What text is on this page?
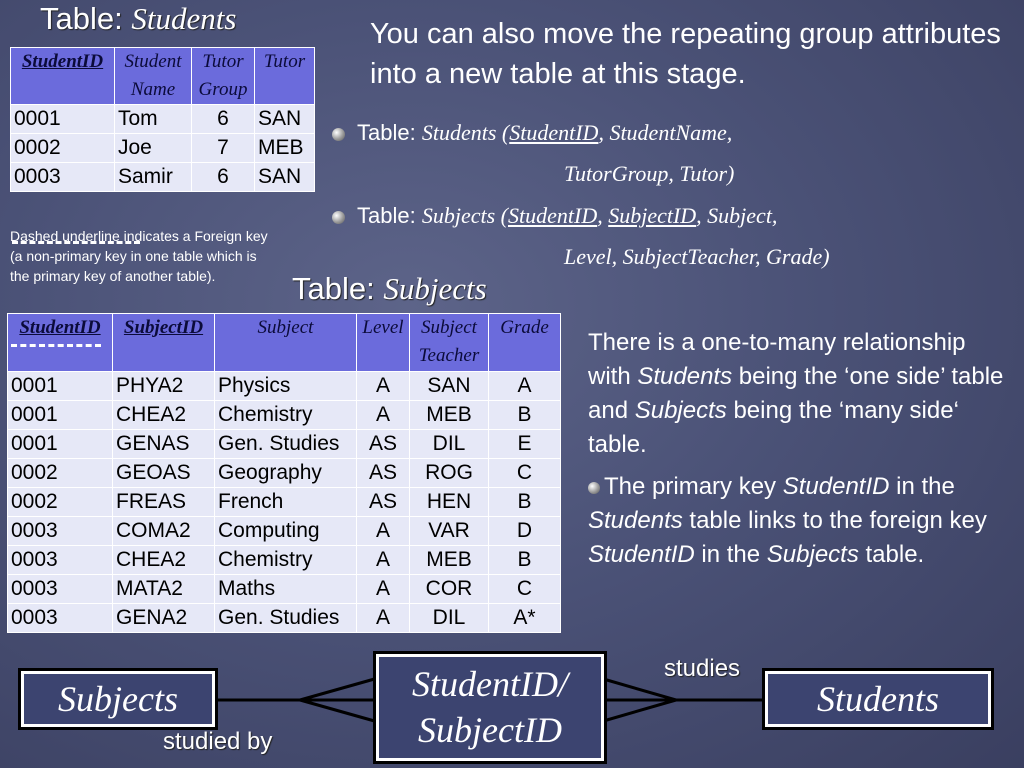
Table: Students
StudentID	Student Name	Tutor Group	Tutor
0001	Tom	6	SAN
0002	Joe	7	MEB
0003	Samir	6	SAN
You can also move the repeating group attributes into a new table at this stage.
Table: Students (StudentID, StudentName,
TutorGroup, Tutor)
Table: Subjects (StudentID, SubjectID, Subject,
Level, SubjectTeacher, Grade)
Dashed underline indicates a Foreign key (a non-primary key in one table which is the primary key of another table).	Table: Subjects
StudentID	SubjectID	Subject	Level	Subject Teacher	Grade
0001	PHYA2	Physics	A	SAN	A
0001	CHEA2	Chemistry	A	MEB	B
0001	GENAS	Gen. Studies	AS	DIL	E
0002	GEOAS	Geography	AS	ROG	C
0002	FREAS	French	AS	HEN	B
0003	COMA2	Computing	A	VAR	D
0003	CHEA2	Chemistry	A	MEB	B
0003	MATA2	Maths	A	COR	C
0003	GENA2	Gen. Studies	A	DIL	A*
There is a one-to-many relationship with Students being the ‘one side’ table and Subjects being the ‘many side‘ table.
The primary key StudentID in the Students table links to the foreign key StudentID in the Subjects table.
Subjects	StudentID/
SubjectID
Students
studies
studied by
